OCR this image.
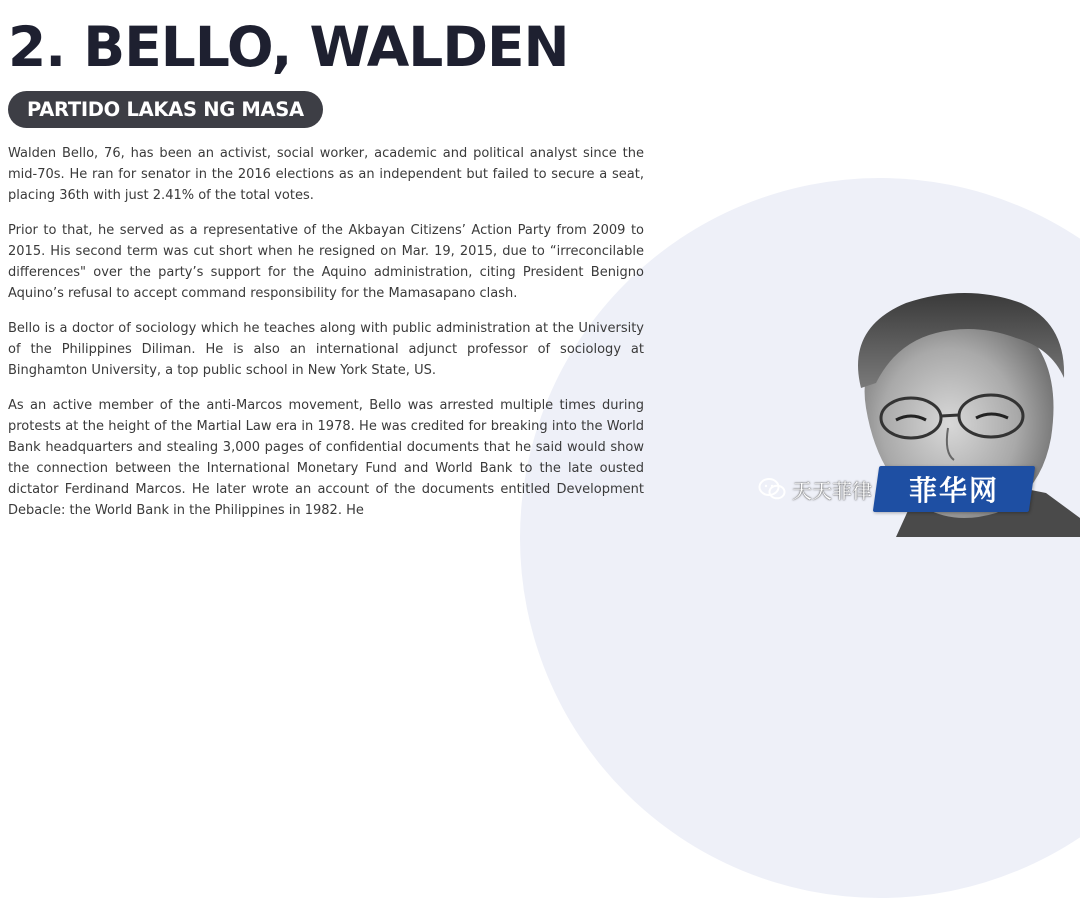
2. BELLO, WALDEN
PARTIDO LAKAS NG MASA

Walden Bello, 76, has been an activist, social worker, academic and political analyst since the mid-70s. He ran for senator in the 2016 elections as an independent but failed to secure a seat, placing 36th with just 2.41% of the total votes.

Prior to that, he served as a representative of the Akbayan Citizens’ Action Party from 2009 to 2015. His second term was cut short when he resigned on Mar. 19, 2015, due to “irreconcilable differences" over the party’s support for the Aquino administration, citing President Benigno Aquino’s refusal to accept command responsibility for the Mamasapano clash.

Bello is a doctor of sociology which he teaches along with public administration at the University of the Philippines Diliman. He is also an international adjunct professor of sociology at Binghamton University, a top public school in New York State, US.

As an active member of the anti-Marcos movement, Bello was arrested multiple times during protests at the height of the Martial Law era in 1978. He was credited for breaking into the World Bank headquarters and stealing 3,000 pages of confidential documents that he said would show the connection between the International Monetary Fund and World Bank to the late ousted dictator Ferdinand Marcos. He later wrote an account of the documents entitled Development Debacle: the World Bank in the Philippines in 1982. He

天天菲律 菲华网
